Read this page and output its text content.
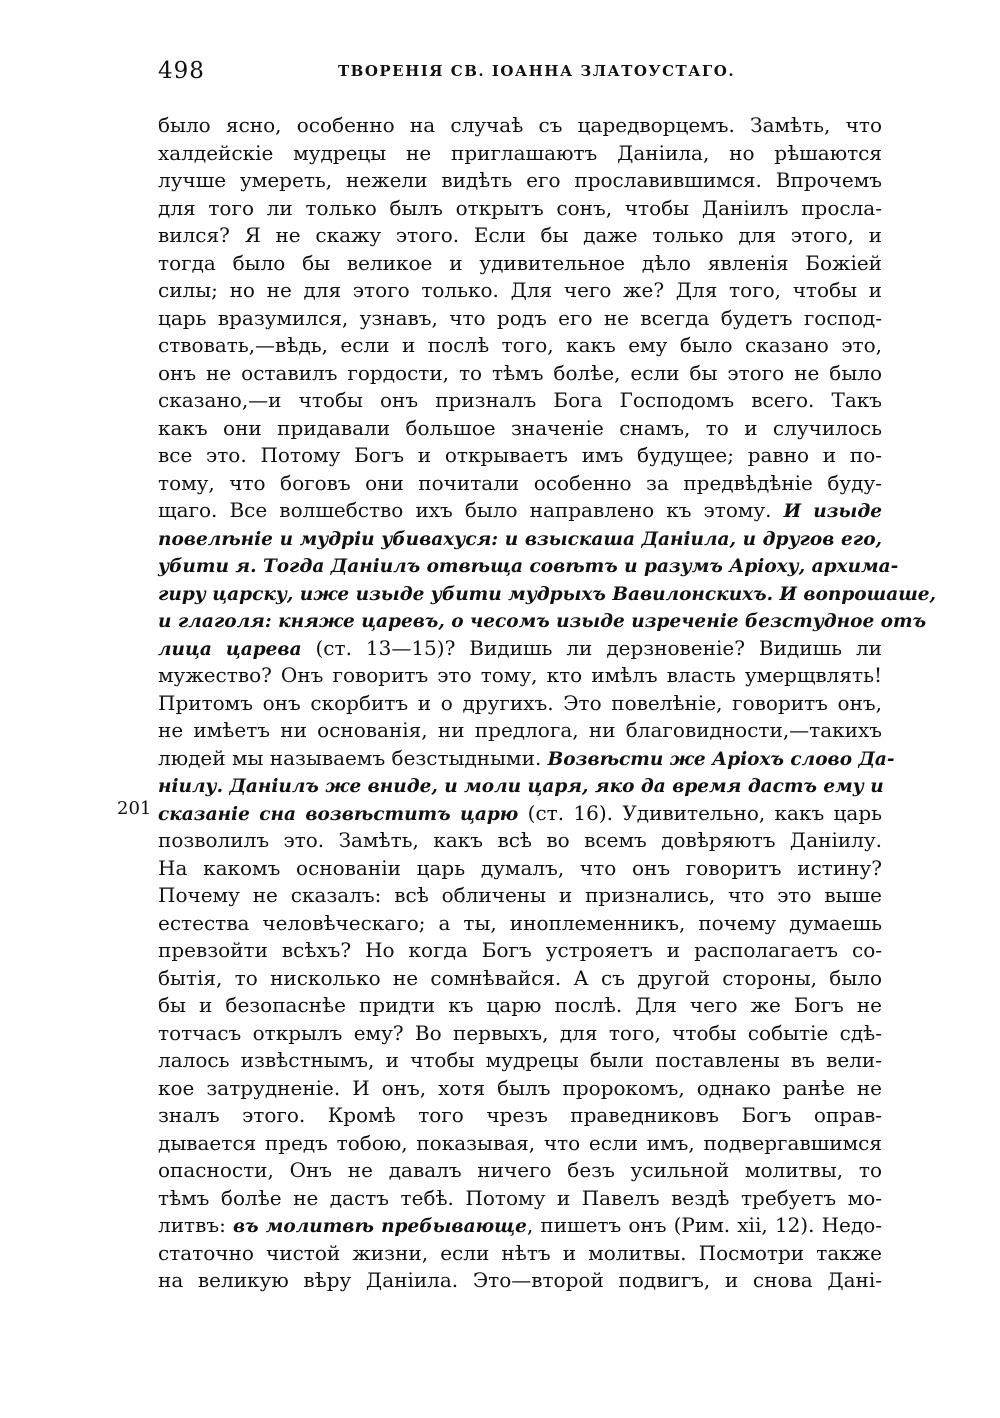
498	ТВОРЕНІЯ СВ. ІОАННА ЗЛАТОУСТАГО.
201
было ясно, особенно на случаѣ съ царедворцемъ. Замѣть, что
халдейскіе мудрецы не приглашаютъ Даніила, но рѣшаются
лучше умереть, нежели видѣть его прославившимся. Впрочемъ
для того ли только былъ открытъ сонъ, чтобы Даніилъ просла-
вился? Я не скажу этого. Если бы даже только для этого, и
тогда было бы великое и удивительное дѣло явленія Божіей
силы; но не для этого только. Для чего же? Для того, чтобы и
царь вразумился, узнавъ, что родъ его не всегда будетъ господ-
ствовать,—вѣдь, если и послѣ того, какъ ему было сказано это,
онъ не оставилъ гордости, то тѣмъ болѣе, если бы этого не было
сказано,—и чтобы онъ призналъ Бога Господомъ всего. Такъ
какъ они придавали большое значеніе снамъ, то и случилось
все это. Потому Богъ и открываетъ имъ будущее; равно и по-
тому, что боговъ они почитали особенно за предвѣдѣніе буду-
щаго. Все волшебство ихъ было направлено къ этому. И изыде
повелѣніе и мудріи убивахуся: и взыскаша Даніила, и другов его,
убити я. Тогда Даніилъ отвѣща совѣтъ и разумъ Аріоху, архима-
гиру царску, иже изыде убити мудрыхъ Вавилонскихъ. И вопрошаше,
и глаголя: княже царевъ, о чесомъ изыде изреченіе безстудное отъ
лица царева (ст. 13—15)? Видишь ли дерзновеніе? Видишь ли
мужество? Онъ говоритъ это тому, кто имѣлъ власть умерщвлять!
Притомъ онъ скорбитъ и о другихъ. Это повелѣніе, говоритъ онъ,
не имѣетъ ни основанія, ни предлога, ни благовидности,—такихъ
людей мы называемъ безстыдными. Возвѣсти же Аріохъ слово Да-
ніилу. Даніилъ же вниде, и моли царя, яко да время дастъ ему и
сказаніе сна возвѣститъ царю (ст. 16). Удивительно, какъ царь
позволилъ это. Замѣть, какъ всѣ во всемъ довѣряютъ Даніилу.
На какомъ основаніи царь думалъ, что онъ говоритъ истину?
Почему не сказалъ: всѣ обличены и признались, что это выше
естества человѣческаго; а ты, иноплеменникъ, почему думаешь
превзойти всѣхъ? Но когда Богъ устрояетъ и располагаетъ со-
бытія, то нисколько не сомнѣвайся. А съ другой стороны, было
бы и безопаснѣе придти къ царю послѣ. Для чего же Богъ не
тотчасъ открылъ ему? Во первыхъ, для того, чтобы событіе сдѣ-
лалось извѣстнымъ, и чтобы мудрецы были поставлены въ вели-
кое затрудненіе. И онъ, хотя былъ пророкомъ, однако ранѣе не
зналъ этого. Кромѣ того чрезъ праведниковъ Богъ оправ-
дывается предъ тобою, показывая, что если имъ, подвергавшимся
опасности, Онъ не давалъ ничего безъ усильной молитвы, то
тѣмъ болѣе не дастъ тебѣ. Потому и Павелъ вездѣ требуетъ мо-
литвъ: въ молитвѣ пребывающе, пишетъ онъ (Рим. xii, 12). Недо-
статочно чистой жизни, если нѣтъ и молитвы. Посмотри также
на великую вѣру Даніила. Это—второй подвигъ, и снова Дані-
